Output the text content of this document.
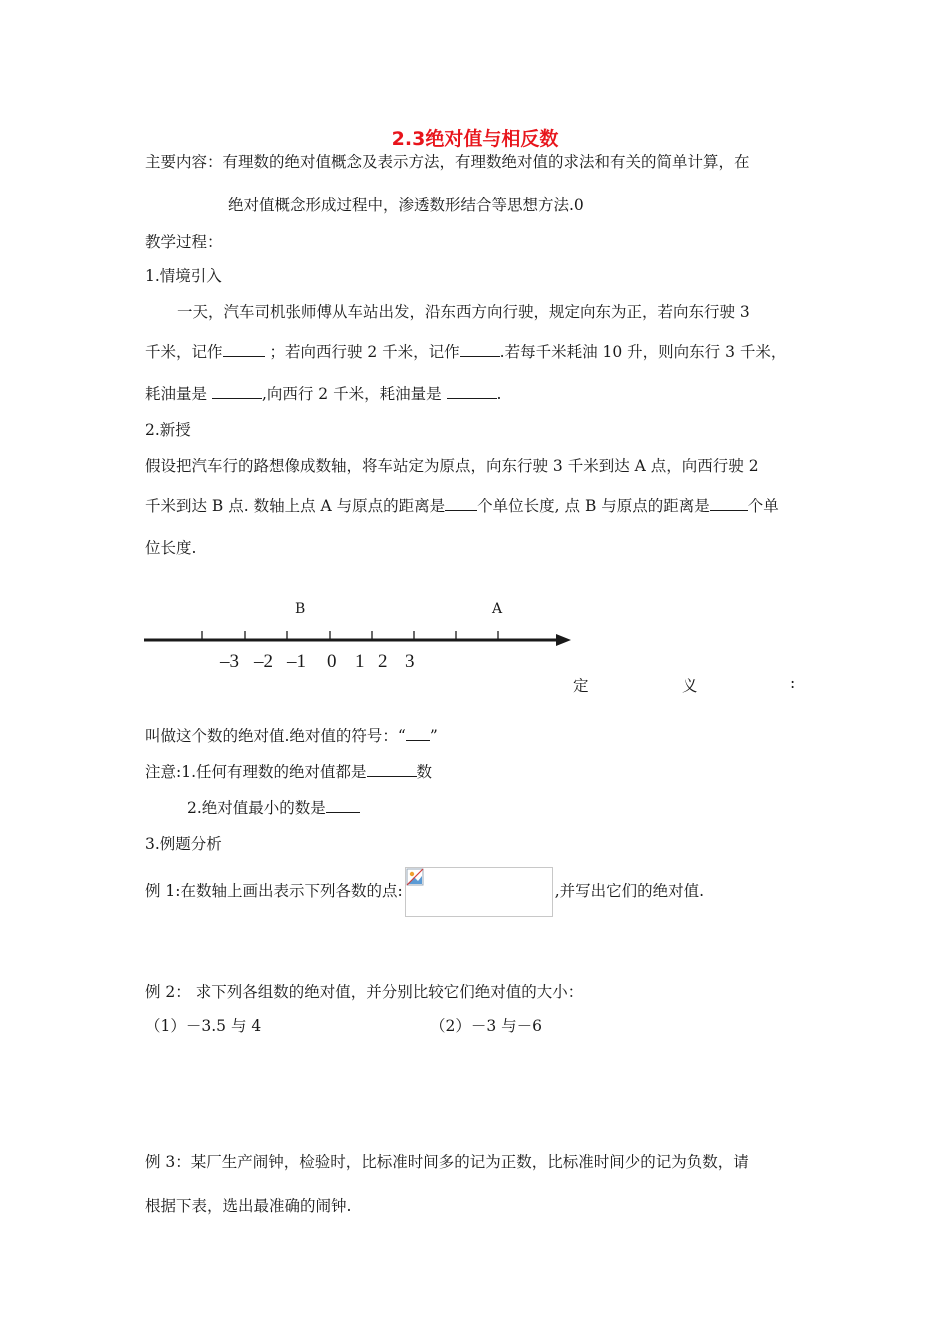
2.3绝对值与相反数
主要内容：有理数的绝对值概念及表示方法，有理数绝对值的求法和有关的简单计算，在
绝对值概念形成过程中，渗透数形结合等思想方法.0
教学过程：
1.情境引入
一天，汽车司机张师傅从车站出发，沿东西方向行驶，规定向东为正，若向东行驶 3
千米，记作	；若向西行驶 2 千米，记作	.若每千米耗油 10 升，则向东行 3 千米，
耗油量是	,向西行 2 千米，耗油量是	.
2.新授
假设把汽车行的路想像成数轴，将车站定为原点，向东行驶 3 千米到达 A 点，向西行驶 2
千米到达 B 点. 数轴上点 A 与原点的距离是 个单位长度, 点 B 与原点的距离是 个单
位长度.
B	A
–3 –2 –1 0 1 2 3
定	义	:
叫做这个数的绝对值.绝对值的符号：“ ”
注意:1.任何有理数的绝对值都是	数
2.绝对值最小的数是
3.例题分析
例 1:在数轴上画出表示下列各数的点:	,并写出它们的绝对值.
例 2： 求下列各组数的绝对值，并分别比较它们绝对值的大小：
（1）－3.5 与 4	（2）－3 与－6
例 3：某厂生产闹钟，检验时，比标准时间多的记为正数，比标准时间少的记为负数，请
根据下表，选出最准确的闹钟.
